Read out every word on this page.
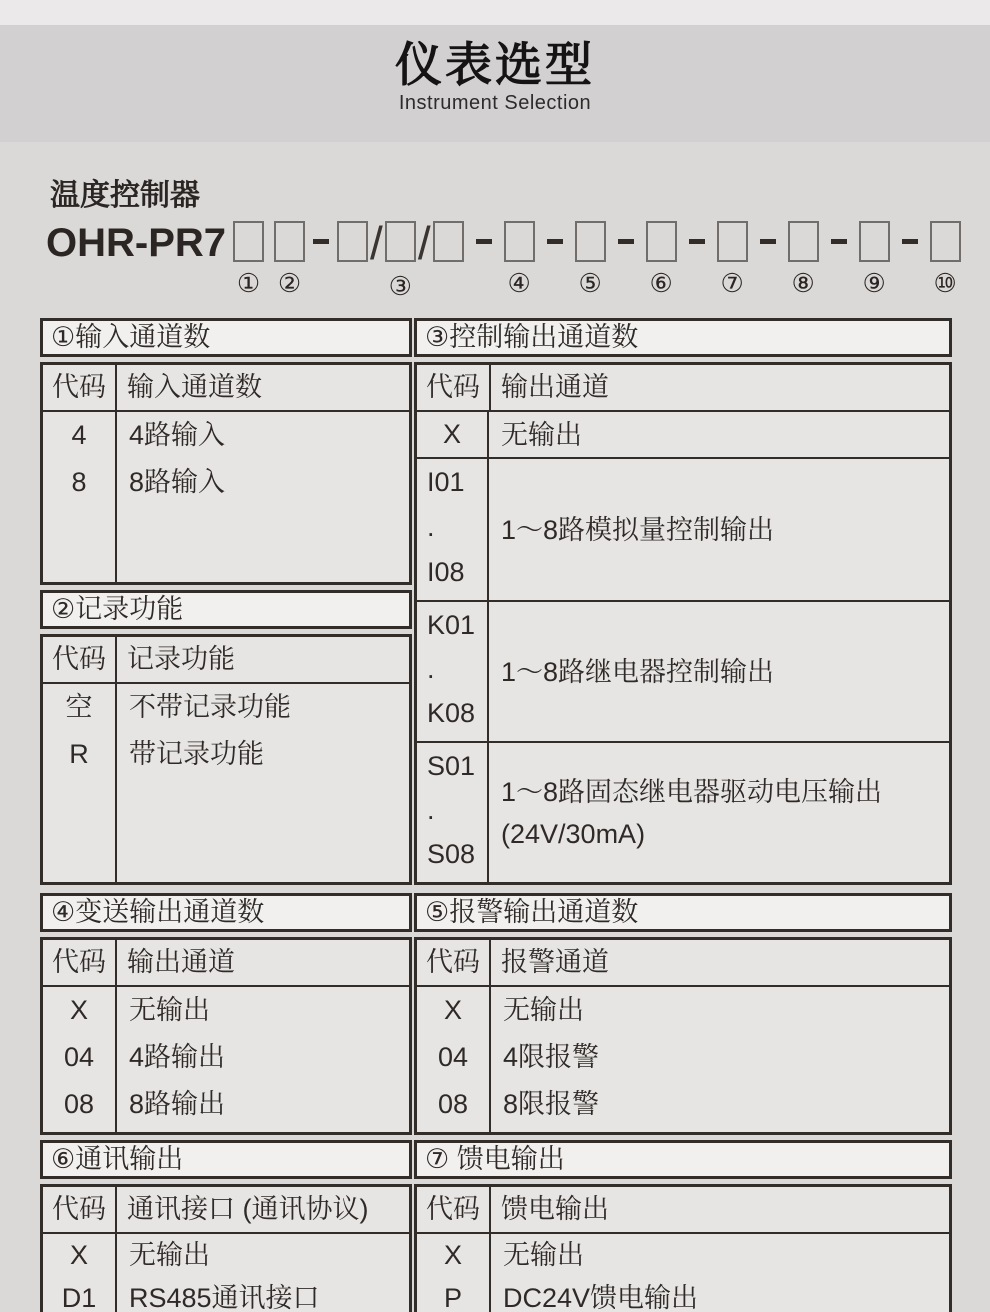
仪表选型
Instrument Selection
温度控制器
OHR-PR7
① ②
/ /
③	④ ⑤ ⑥ ⑦ ⑧ ⑨ ⑩
①输入通道数
代码 输入通道数
4
8
4路输入
8路输入
②记录功能
代码 记录功能
空
R
不带记录功能
带记录功能
③控制输出通道数
代码 输出通道
X 无输出
I01
.
I08
1～8路模拟量控制输出
K01
.
K08
1～8路继电器控制输出
S01
.
S08
1～8路固态继电器驱动电压输出
(24V/30mA)
④变送输出通道数
代码 输出通道
X
04
08
无输出
4路输出
8路输出
⑤报警输出通道数
代码 报警通道
X
04
08
无输出
4限报警
8限报警
⑥通讯输出
代码 通讯接口 (通讯协议)
X
D1
无输出
RS485通讯接口
⑦ 馈电输出
代码 馈电输出
X
P
无输出
DC24V馈电输出
